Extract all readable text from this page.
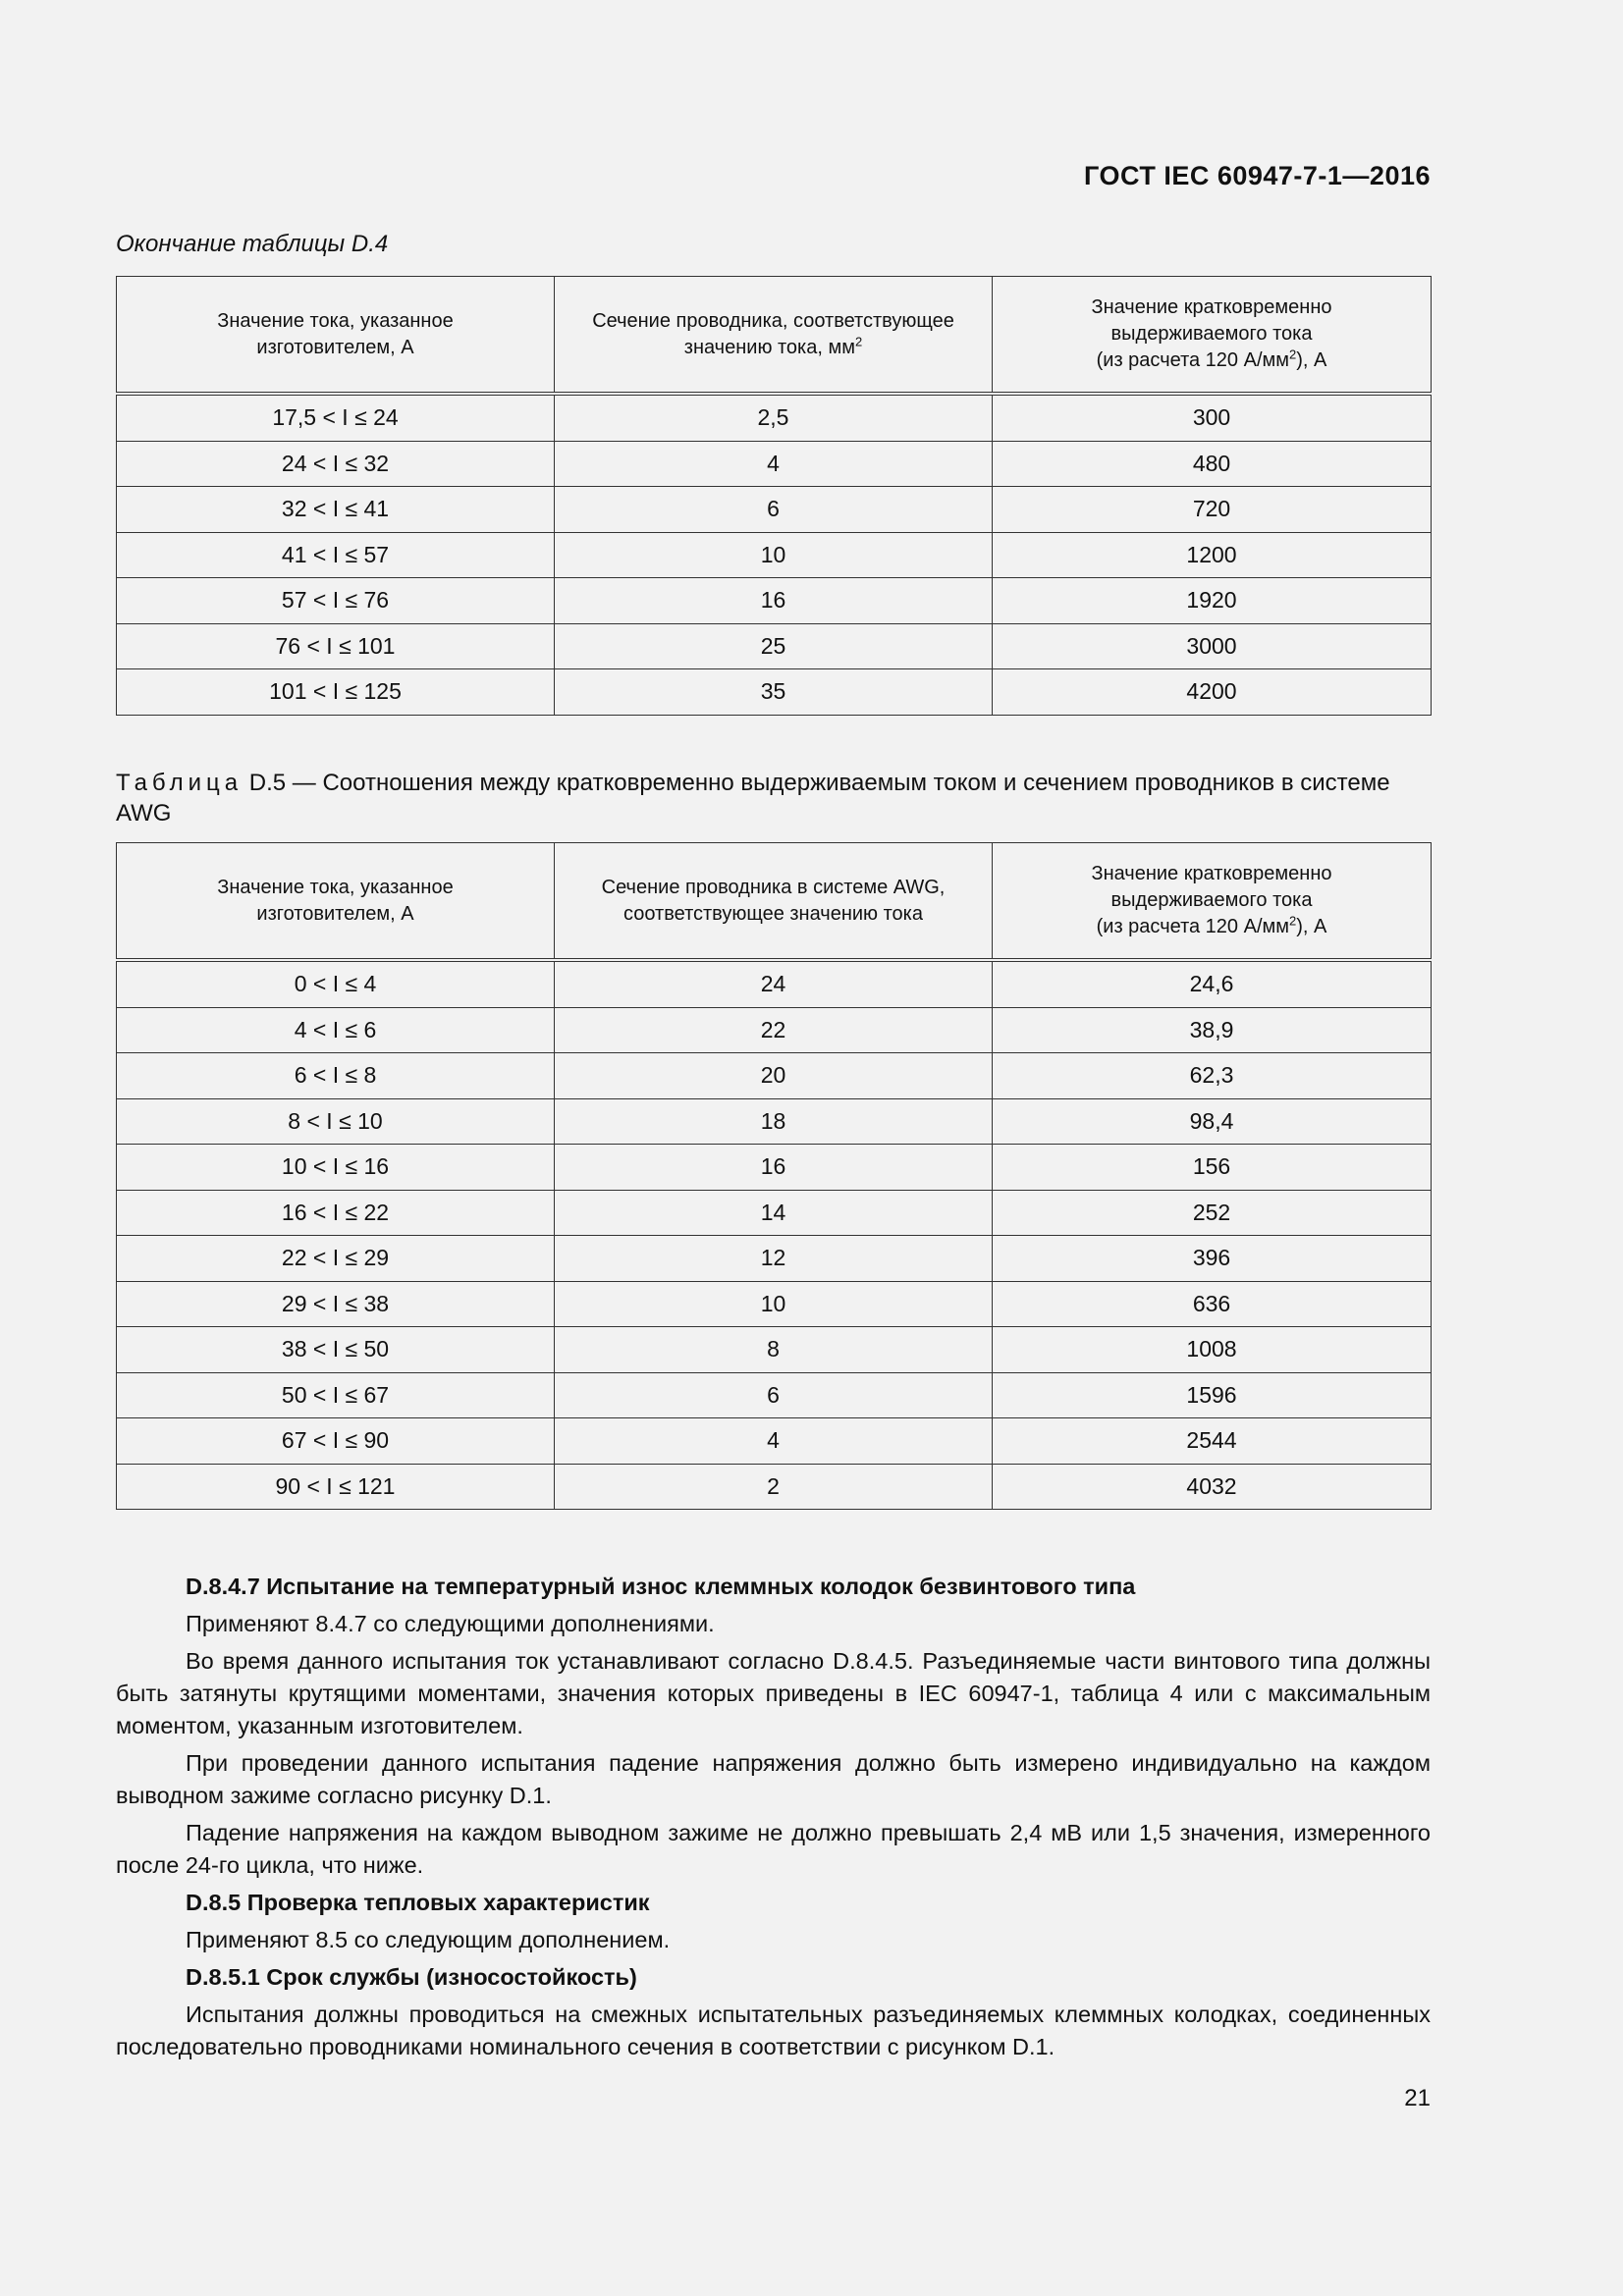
ГОСТ IEC 60947-7-1—2016
Окончание таблицы D.4
Значение тока, указанное изготовителем, А	Сечение проводника, соответствующее значению тока, $мм^2$	Значение кратковременно выдерживаемого тока
(из расчета 120 $А/мм^2$), А

17,5 < I ≤ 24	2,5	300
24 < I ≤ 32	4	480
32 < I ≤ 41	6	720
41 < I ≤ 57	10	1200
57 < I ≤ 76	16	1920
76 < I ≤ 101	25	3000
101 < I ≤ 125	35	4200
Таблица D.5 — Соотношения между кратковременно выдерживаемым током и сечением проводников в системе AWG
Значение тока, указанное изготовителем, А	Сечение проводника в системе AWG, соответствующее значению тока	Значение кратковременно выдерживаемого тока
(из расчета 120 $А/мм^2$), А

0 < I ≤ 4	24	24,6
4 < I ≤ 6	22	38,9
6 < I ≤ 8	20	62,3
8 < I ≤ 10	18	98,4
10 < I ≤ 16	16	156
16 < I ≤ 22	14	252
22 < I ≤ 29	12	396
29 < I ≤ 38	10	636
38 < I ≤ 50	8	1008
50 < I ≤ 67	6	1596
67 < I ≤ 90	4	2544
90 < I ≤ 121	2	4032

D.8.4.7 Испытание на температурный износ клеммных колодок безвинтового типа

Применяют 8.4.7 со следующими дополнениями.

Во время данного испытания ток устанавливают согласно D.8.4.5. Разъединяемые части винтового типа должны быть затянуты крутящими моментами, значения которых приведены в IEC 60947-1, таблица 4 или с максимальным моментом, указанным изготовителем.

При проведении данного испытания падение напряжения должно быть измерено индивидуально на каждом выводном зажиме согласно рисунку D.1.

Падение напряжения на каждом выводном зажиме не должно превышать 2,4 мВ или 1,5 значения, измеренного после 24-го цикла, что ниже.

D.8.5 Проверка тепловых характеристик

Применяют 8.5 со следующим дополнением.

D.8.5.1 Срок службы (износостойкость)

Испытания должны проводиться на смежных испытательных разъединяемых клеммных колодках, соединенных последовательно проводниками номинального сечения в соответствии с рисунком D.1.

21
